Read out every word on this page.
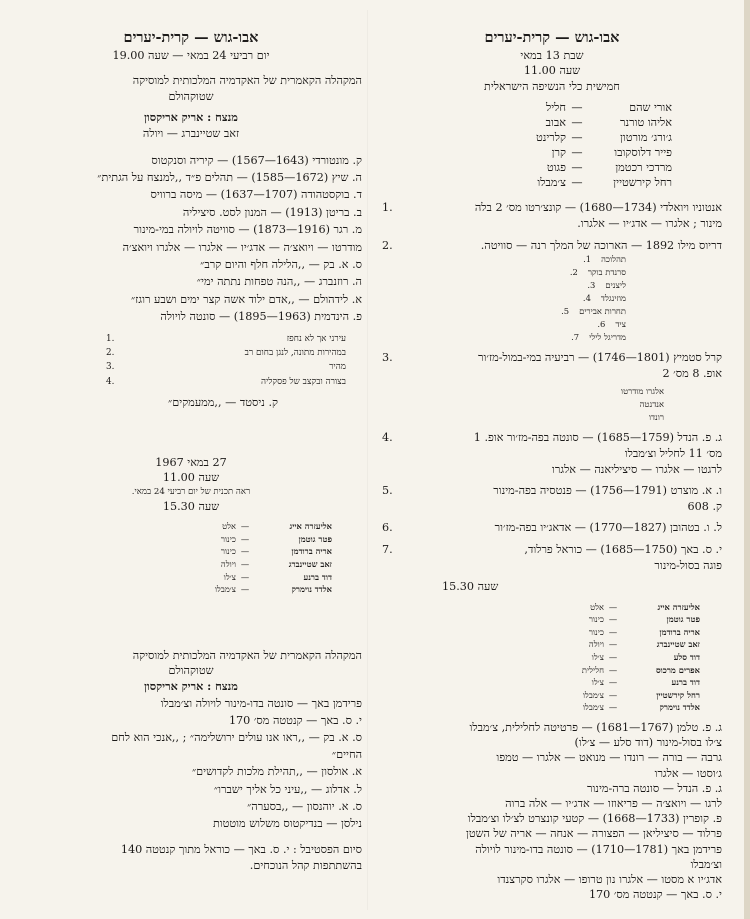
אבו-גוש — קרית-יערים
שבת 13 במאי
שעה 11.00
חמישית כלי הנשיפה הישראלית
אורי שהם
—
חליל
אליהו טורנר
—
אבוב
ג׳ורג׳ מורטון
—
קלרינט
פייר דלוסקובו
—
קרן
מרדכי רכטמן
—
פגוט
רחל קירשטיין
—
צ׳מבלו
אנטוניו ויואלדי (1734—1680) — קונצ׳רטו מס׳ 2 בלה
מינור ; אלגרו — אדג׳יו — אלגרו.
1.
דריוס מילו 1892 — הארוכה של המלך רנה — סוויטה.
2.
תהלוכה
.1
סרנדת בוקר
.2
ליצנים
.3
מוזינגלד
.4
תחרות אבירים
.5
ציד
.6
מדריגל לילי
.7
קרל סטמיץ (1801—1746) — רביעיה במי-במול-מז׳ור
אופ. 8 מס׳ 2
3.
אלגרו מודרטו
אנדנטה
רונדו
ג. פ. הנדל (1759—1685) — סונטה בפה-מז׳ור אופ. 1
מס׳ 11 לחליל וצ׳מבלו
לרגטו — אלגרו — סיציליאנה — אלגרו
4.
ו. א. מוצרט (1791—1756) — פנטסיה בפה-מינור
ק. 608
5.
ל. ו. בטהובן (1827—1770) — אדאג׳יו בפה-מז׳ור
6.
י. ס. באך (1750—1685) — כוראל פרלוד,
פוגה בסול-מינור
7.
שעה 15.30
אליעזרה אייג
—
אלט
פטר גוטמן
—
כינור
אריה ברודמן
—
כינור
זאב שטיינברג
—
ויולה
דוד סלע
—
צ׳לו
אפרים מרכוס
—
חלילית
דוד ברנע
—
צ׳לו
רחל קירשטיין
—
צ׳מבלו
אלדד נוימרק
—
צ׳מבלו
ג. פ. טלמן (1767—1681) — פרטיטה לחלילית, צ׳מבלו
צ׳לו בסול-מינור (דוד סלע — צ׳לו)
גרבה — בורה — רונדו — מנואט — אלגרו — טמפו
ג׳וסטו — אלגרו
ג. פ. הנדל — סונטה ברה-מינור
לרגו — ויואצ׳ה — פריאוזו — אדג׳יו — אלה ברוה
פ. קופרין (1733—1668) — קטעי קונצרט לצ׳לו וצ׳מבלו
פרלוד — סיציליאן — הפצורה — אנחה — אריה של השטן
פרידמן באך (1781—1710) — סונטה בדו-מינור לויולה
וצ׳מבלו
אדג׳יו א מסטו — אלגרו נון טרופו — אלגרו סקרצנדו
י. ס. באך — קנטטה מס׳ 170
אבו-גוש — קרית-יערים
יום רביעי 24 במאי — שעה 19.00
המקהלה הקאמרית של האקדמיה המלכותית למוסיקה
שטוקהולם
מנצח : אריק אריקסון
זאב שטיינברג — ויולה
ק. מונטורדי (1643—1567) — קיריה וסנקטוס
ה. שיץ (1672—1585) — תהלים פ״ד ,,למנצח על הגתית״
ד. בוקסטהודה (1707—1637) — מיסה ברוויס
ב. בריטן (1913) — המנון לסט. סיציליה
מ. רגר (1916—1873) — סוויטה לויולה במי-מינור
מודרטו — ויואצ׳ה — אדג׳יו — אלגרו — אלגרו ויואצ׳ה
ס. א. בק — ,,הלילה חלף והיום קרב״
ה. רוזנברג — ,,הנה טפחות נתתה ימי״
א. לידהולם — ,,אדם ילוד אשה קצר ימים ושבע רוגז״
פ. הינדמית (1963—1895) — סונטה לויולה
עירני אך לא נחפז
1.
במהירות מתונה, לנגן בחום רב
2.
מהיר
3.
בצורה ובקצב של פסקליה
4.
ק. ניסטד — ,,ממעמקים״
27 במאי 1967
שעה 11.00
ראה תכנית של יום רביעי 24 במאי.
שעה 15.30
אליעזרה אייג
—
אלט
פטר גוטמן
—
כינור
אריה ברודמן
—
כינור
זאב שטיינברג
—
ויולה
דוד ברנע
—
צ׳לו
אלדד נוימרק
—
צ׳מבלו
המקהלה הקאמרית של האקדמיה המלכותית למוסיקה
שטוקהולם
מנצח : אריק אריקסון
פרידמן באך — סונטה בדו-מינור לויולה וצ׳מבלו
י. ס. באך — קנטטה מס׳ 170
ס. א. בק — ,,ראו אנו עולים ירושלימה״ ; ,,אנכי הוא לחם
החיים״
א. אולסון — ,,תהילת מלכות לקדושים״
ל. אדלוג — ,,עיני כל אליך ישברו״
ס. א. יוהנסון — ,,בסערה״
נילסן — בנדיקטוס משלוש מוטטות
סיום הפסטיבל : י. ס. באך — כוראל מתוך קנטטה 140
בהשתתפות קהל הנוכחים.
